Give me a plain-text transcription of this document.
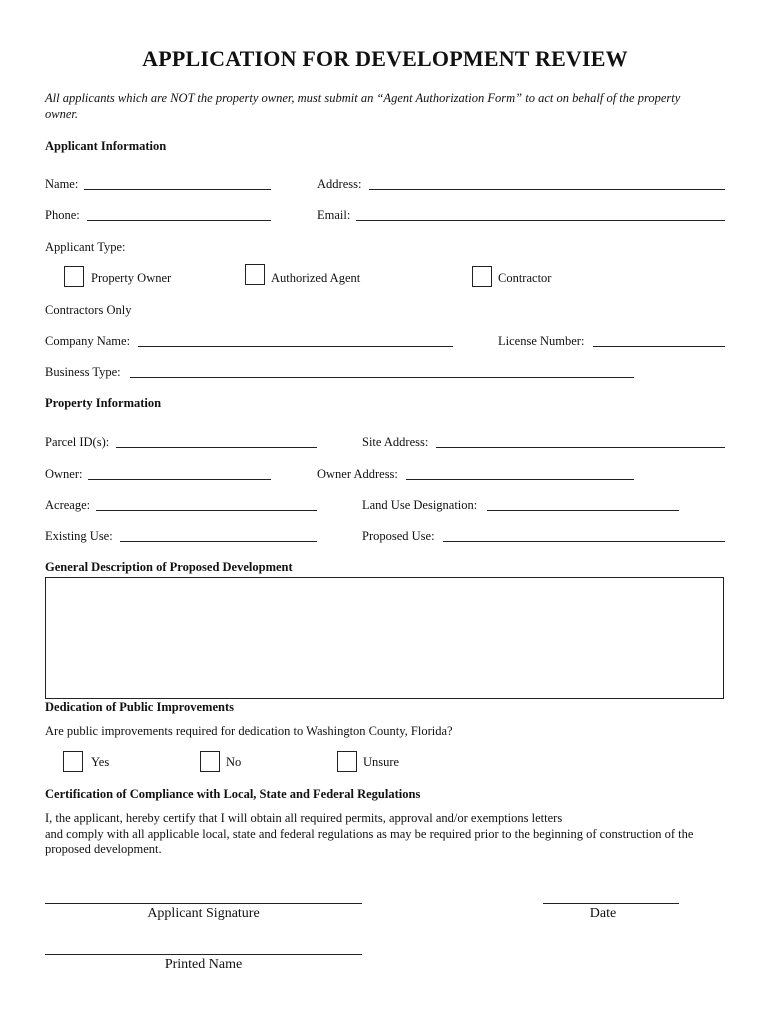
APPLICATION FOR DEVELOPMENT REVIEW
All applicants which are NOT the property owner, must submit an “Agent Authorization Form” to act on behalf of the property owner.
Applicant Information
Name:	Address:
Phone:	Email:
Applicant Type:
Property Owner	Authorized Agent	Contractor
Contractors Only
Company Name:	License Number:
Business Type:
Property Information
Parcel ID(s):	Site Address:
Owner:	Owner Address:
Acreage:	Land Use Designation:
Existing Use:	Proposed Use:
General Description of Proposed Development
Dedication of Public Improvements
Are public improvements required for dedication to Washington County, Florida?
Yes	No	Unsure
Certification of Compliance with Local, State and Federal Regulations
I, the applicant, hereby certify that I will obtain all required permits, approval and/or exemptions letters
and comply with all applicable local, state and federal regulations as may be required prior to the beginning of construction of the proposed development.
Applicant Signature	Date
Printed Name
